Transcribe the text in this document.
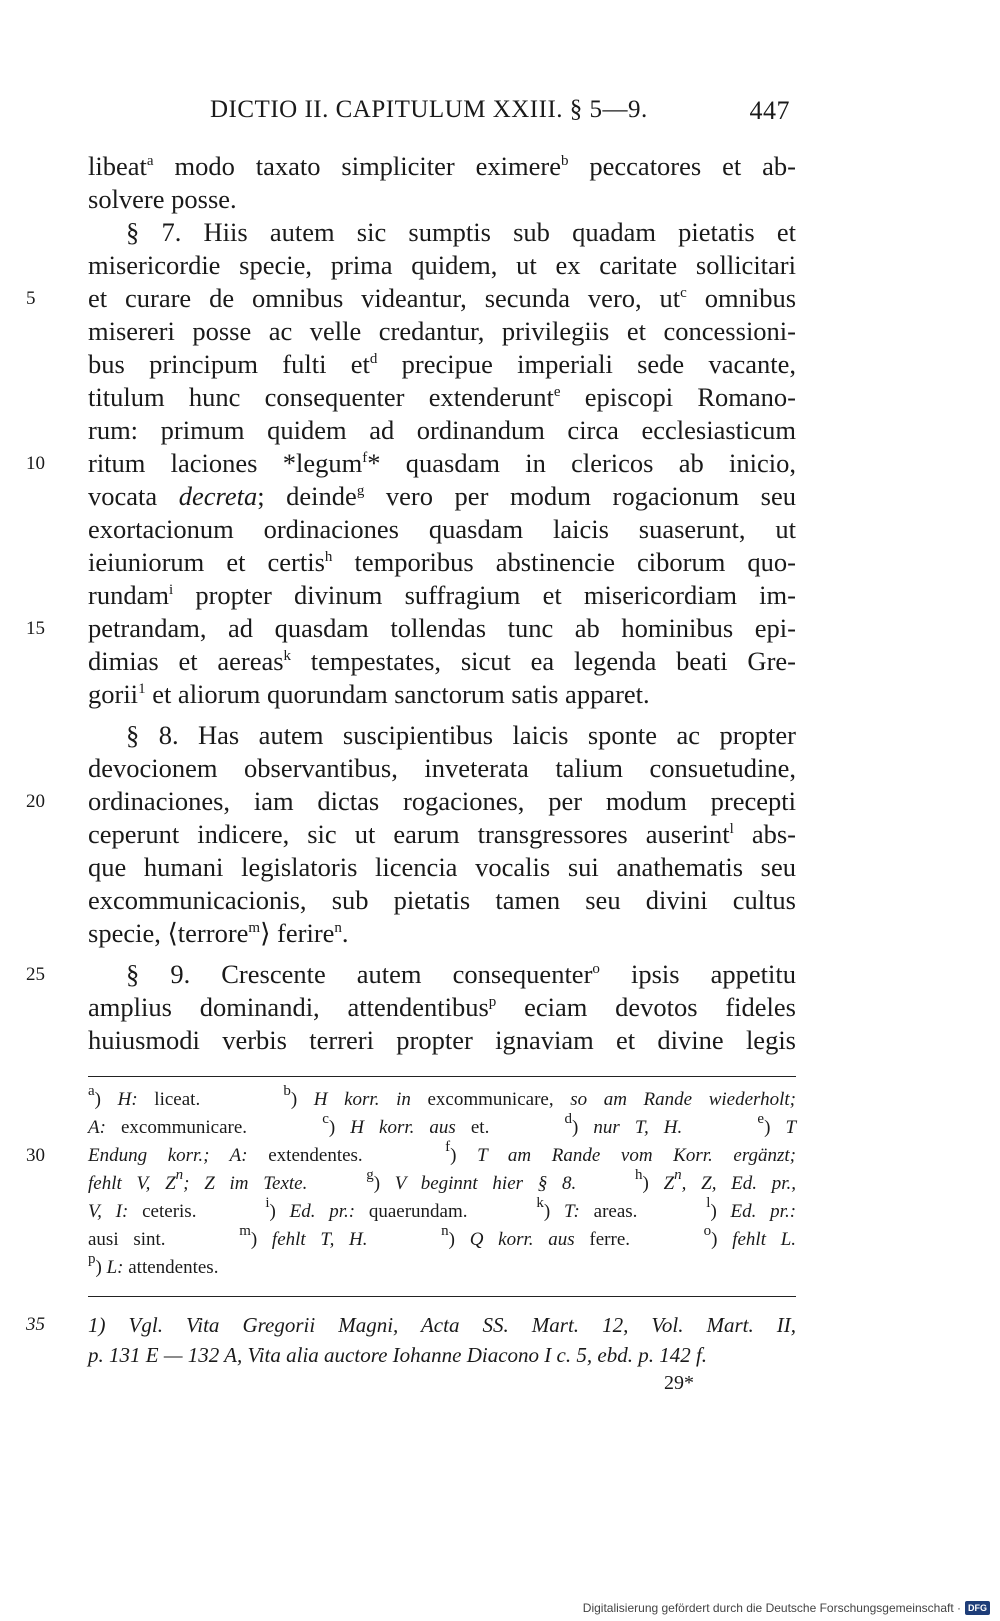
DICTIO II. CAPITULUM XXIII. § 5—9.	447
libeat$^a$ modo taxato simpliciter eximere$^b$ peccatores et ab-
solvere posse.
§ 7. Hiis autem sic sumptis sub quadam pietatis et
misericordie specie, prima quidem, ut ex caritate sollicitari
5	et curare de omnibus videantur, secunda vero, $ut^c$ omnibus
misereri posse ac velle credantur, privilegiis et concessioni-
bus principum fulti $et^d$ precipue imperiali sede vacante,
titulum hunc consequenter extenderunt$^e$ episcopi Romano-
rum: primum quidem ad ordinandum circa ecclesiasticum
10	ritum laciones *legum$^f$* quasdam in clericos ab inicio,
vocata decreta; deinde$^g$ vero per modum rogacionum seu
exortacionum ordinaciones quasdam laicis suaserunt, ut
ieiuniorum et certis$^h$ temporibus abstinencie ciborum quo-
rundam$^i$ propter divinum suffragium et misericordiam im-
15	petrandam, ad quasdam tollendas tunc ab hominibus epi-
dimias et aereas$^k$ tempestates, sicut ea legenda beati Gre-
gorii$^1$ et aliorum quorundam sanctorum satis apparet.
§ 8. Has autem suscipientibus laicis sponte ac propter
devocionem observantibus, inveterata talium consuetudine,
20	ordinaciones, iam dictas rogaciones, per modum precepti
ceperunt indicere, sic ut earum transgressores auserint$^l$ abs-
que humani legislatoris licencia vocalis sui anathematis seu
excommunicacionis, sub pietatis tamen seu divini cultus
specie, ⟨terrore$^m$⟩ ferire$^n$.
25	§ 9. Crescente autem consequenter$^o$ ipsis appetitu
amplius dominandi, attendentibus$^p$ eciam devotos fideles
huiusmodi verbis terreri propter ignaviam et divine legis
$^a$) H: liceat.     $^b$) H korr. in excommunicare, so am Rande wiederholt;
A: excommunicare.     $^c$) H korr. aus et.     $^d$) nur T, H.	$^e$) T
30	Endung korr.; A: extendentes.    $^f$) T am Rande vom Korr. ergänzt;
fehlt V, $Z^n$; Z im Texte.	$^g$) V beginnt hier § 8.	$^h$) $Z^n$, Z, Ed. pr.,
V, I: ceteris.     $^i$) Ed. pr.: quaerundam.     $^k$) T: areas.     $^l$) Ed. pr.:
ausi sint.     $^m$) fehlt T, H.	$^n$) Q korr. aus ferre.     $^o$) fehlt L.
$^p$) L: attendentes.
35	1) Vgl. Vita Gregorii Magni, Acta SS. Mart. 12, Vol. Mart. II,
p. 131 E — 132 A, Vita alia auctore Iohanne Diacono I c. 5, ebd. p. 142 f.
29*
Digitalisierung gefördert durch die Deutsche Forschungsgemeinschaft · DFG
